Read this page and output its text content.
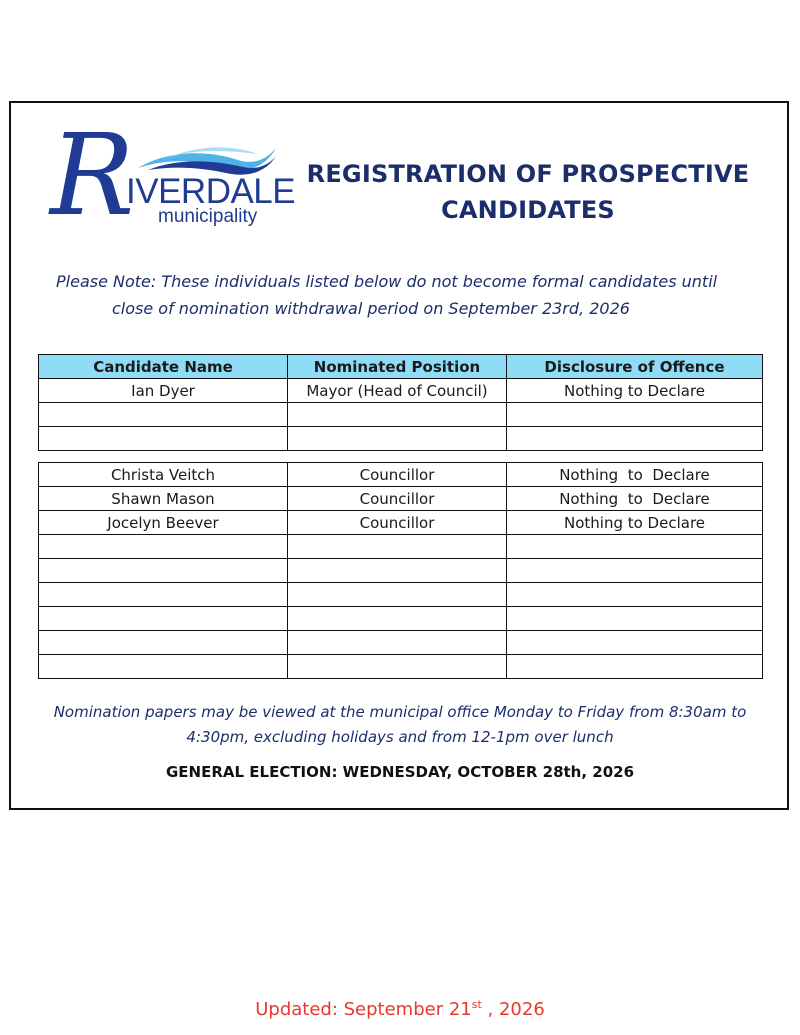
R
IVERDALE
municipality
REGISTRATION OF PROSPECTIVE
CANDIDATES
Please Note: These individuals listed below do not become formal candidates until
close of nomination withdrawal period on September 23rd, 2026
Candidate Name	Nominated Position	Disclosure of Offence
Ian Dyer	Mayor (Head of Council)	Nothing to Declare

Christa Veitch	Councillor	Nothing  to  Declare
Shawn Mason	Councillor	Nothing  to  Declare
Jocelyn Beever	Councillor	Nothing to Declare

Nomination papers may be viewed at the municipal office Monday to Friday from 8:30am to
4:30pm, excluding holidays and from 12-1pm over lunch
GENERAL ELECTION: WEDNESDAY, OCTOBER 28th, 2026
Updated: September 21st , 2026
